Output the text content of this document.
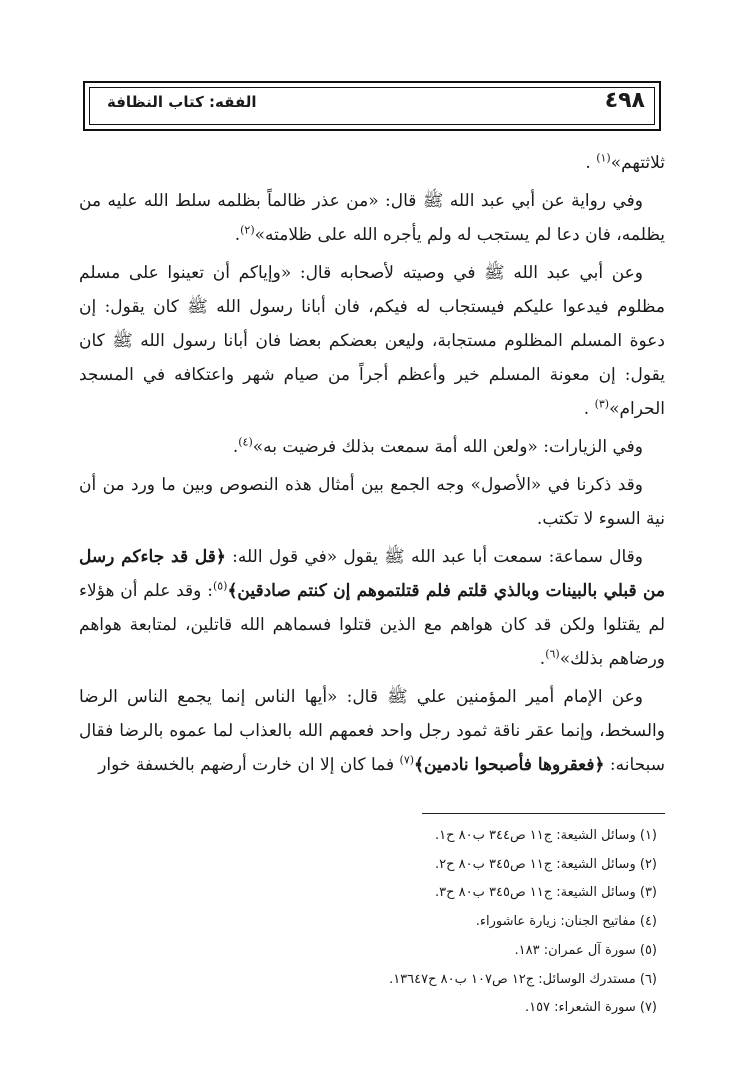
٤٩٨
الفقه: كتاب النظافة

ثلاثتهم»$^{(١)}$ .

وفي رواية عن أبي عبد الله ﷺ قال: «من عذر ظالماً بظلمه سلط الله عليه من يظلمه، فان دعا لم يستجب له ولم يأجره الله على ظلامته»$^{(٢)}$.

وعن أبي عبد الله ﷺ في وصيته لأصحابه قال: «وإياكم أن تعينوا على مسلم مظلوم فيدعوا عليكم فيستجاب له فيكم، فان أبانا رسول الله ﷺ كان يقول: إن دعوة المسلم المظلوم مستجابة، وليعن بعضكم بعضا فان أبانا رسول الله ﷺ كان يقول: إن معونة المسلم خير وأعظم أجراً من صيام شهر واعتكافه في المسجد الحرام»$^{(٣)}$ .

وفي الزيارات: «ولعن الله أمة سمعت بذلك فرضيت به»$^{(٤)}$.

وقد ذكرنا في «الأصول» وجه الجمع بين أمثال هذه النصوص وبين ما ورد من أن نية السوء لا تكتب.

وقال سماعة: سمعت أبا عبد الله ﷺ يقول «في قول الله: ﴿قل قد جاءكم رسل من قبلي بالبينات وبالذي قلتم فلم قتلتموهم إن كنتم صادقين﴾$^{(٥)}$: وقد علم أن هؤلاء لم يقتلوا ولكن قد كان هواهم مع الذين قتلوا فسماهم الله قاتلين، لمتابعة هواهم ورضاهم بذلك»$^{(٦)}$.

وعن الإمام أمير المؤمنين علي ﷺ قال: «أيها الناس إنما يجمع الناس الرضا والسخط، وإنما عقر ناقة ثمود رجل واحد فعمهم الله بالعذاب لما عموه بالرضا فقال سبحانه: ﴿فعقروها فأصبحوا نادمين﴾$^{(٧)}$ فما كان إلا ان خارت أرضهم بالخسفة خوار

(١) وسائل الشيعة: ج١١ ص٣٤٤ ب٨٠ ح١.
(٢) وسائل الشيعة: ج١١ ص٣٤٥ ب٨٠ ح٢.
(٣) وسائل الشيعة: ج١١ ص٣٤٥ ب٨٠ ح٣.
(٤) مفاتيح الجنان: زيارة عاشوراء.
(٥) سورة آل عمران: ١٨٣.
(٦) مستدرك الوسائل: ج١٢ ص١٠٧ ب٨٠ ح١٣٦٤٧.
(٧) سورة الشعراء: ١٥٧.
